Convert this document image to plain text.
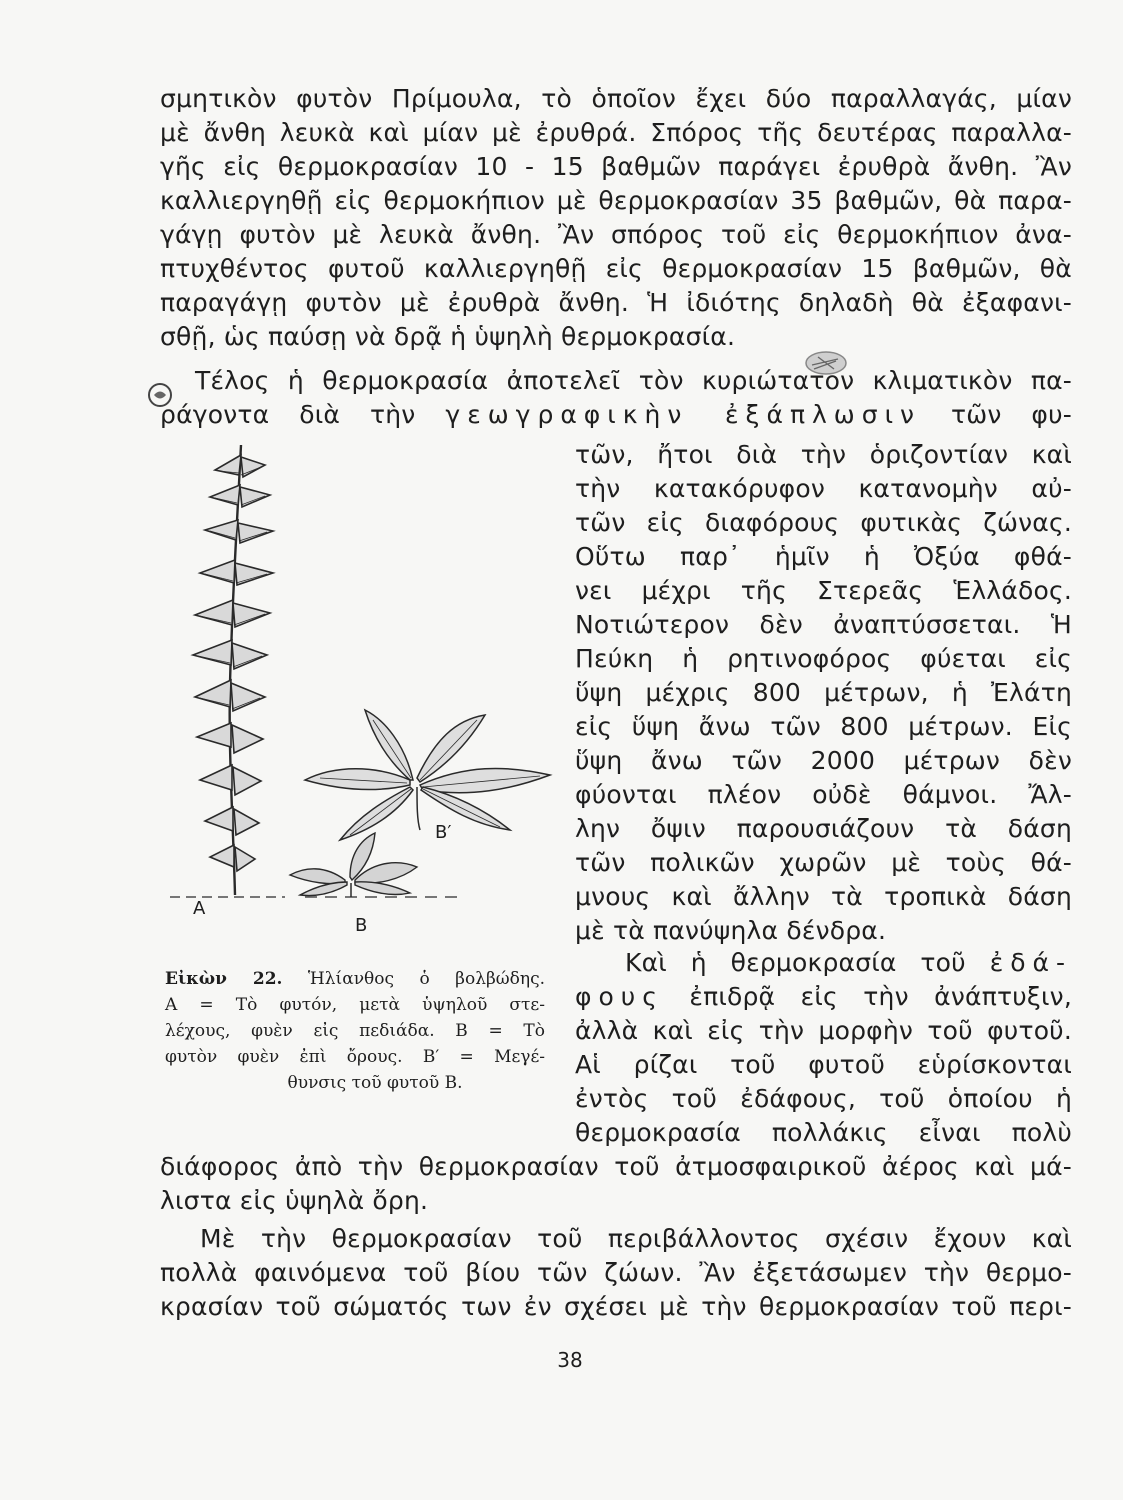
σμητικὸν φυτὸν Πρίμουλα, τὸ ὁποῖον ἔχει δύο παραλλαγάς, μίαν
μὲ ἄνθη λευκὰ καὶ μίαν μὲ ἐρυθρά. Σπόρος τῆς δευτέρας παραλλα-
γῆς εἰς θερμοκρασίαν 10 - 15 βαθμῶν παράγει ἐρυθρὰ ἄνθη. Ἂν
καλλιεργηθῇ εἰς θερμοκήπιον μὲ θερμοκρασίαν 35 βαθμῶν, θὰ παρα-
γάγῃ φυτὸν μὲ λευκὰ ἄνθη. Ἂν σπόρος τοῦ εἰς θερμοκήπιον ἀνα-
πτυχθέντος φυτοῦ καλλιεργηθῇ εἰς θερμοκρασίαν 15 βαθμῶν, θὰ
παραγάγῃ φυτὸν μὲ ἐρυθρὰ ἄνθη. Ἡ ἰδιότης δηλαδὴ θὰ ἐξαφανι-
σθῇ, ὡς παύσῃ νὰ δρᾷ ἡ ὑψηλὴ θερμοκρασία.
Τέλος ἡ θερμοκρασία ἀποτελεῖ τὸν κυριώτατον κλιματικὸν πα-
ράγοντα διὰ τὴν γεωγραφικὴν ἐξάπλωσιν τῶν φυ-
τῶν, ἤτοι διὰ τὴν ὁριζοντίαν καὶ
τὴν κατακόρυφον κατανομὴν αὐ-
τῶν εἰς διαφόρους φυτικὰς ζώνας.
Οὕτω παρ᾽ ἡμῖν ἡ Ὀξύα φθά-
νει μέχρι τῆς Στερεᾶς Ἑλλάδος.
Νοτιώτερον δὲν ἀναπτύσσεται. Ἡ
Πεύκη ἡ ρητινοφόρος φύεται εἰς
ὕψη μέχρις 800 μέτρων, ἡ Ἐλάτη
εἰς ὕψη ἄνω τῶν 800 μέτρων. Εἰς
ὕψη ἄνω τῶν 2000 μέτρων δὲν
φύονται πλέον οὐδὲ θάμνοι. Ἄλ-
λην ὄψιν παρουσιάζουν τὰ δάση
τῶν πολικῶν χωρῶν μὲ τοὺς θά-
μνους καὶ ἄλλην τὰ τροπικὰ δάση
μὲ τὰ πανύψηλα δένδρα.
Καὶ ἡ θερμοκρασία τοῦ ἐδά-
φους ἐπιδρᾷ εἰς τὴν ἀνάπτυξιν,
ἀλλὰ καὶ εἰς τὴν μορφὴν τοῦ φυτοῦ.
Αἱ ρίζαι τοῦ φυτοῦ εὑρίσκονται
ἐντὸς τοῦ ἐδάφους, τοῦ ὁποίου ἡ
θερμοκρασία πολλάκις εἶναι πολὺ
διάφορος ἀπὸ τὴν θερμοκρασίαν τοῦ ἀτμοσφαιρικοῦ ἀέρος καὶ μά-
λιστα εἰς ὑψηλὰ ὄρη.
Μὲ τὴν θερμοκρασίαν τοῦ περιβάλλοντος σχέσιν ἔχουν καὶ
πολλὰ φαινόμενα τοῦ βίου τῶν ζώων. Ἂν ἐξετάσωμεν τὴν θερμο-
κρασίαν τοῦ σώματός των ἐν σχέσει μὲ τὴν θερμοκρασίαν τοῦ περι-
A
B
B′
Εἰκὼν 22. Ἡλίανθος ὁ βολβώδης.
Α = Τὸ φυτόν, μετὰ ὑψηλοῦ στε-
λέχους, φυὲν εἰς πεδιάδα. Β = Τὸ
φυτὸν φυὲν ἐπὶ ὄρους. Β′ = Μεγέ-
θυνσις τοῦ φυτοῦ Β.
38
